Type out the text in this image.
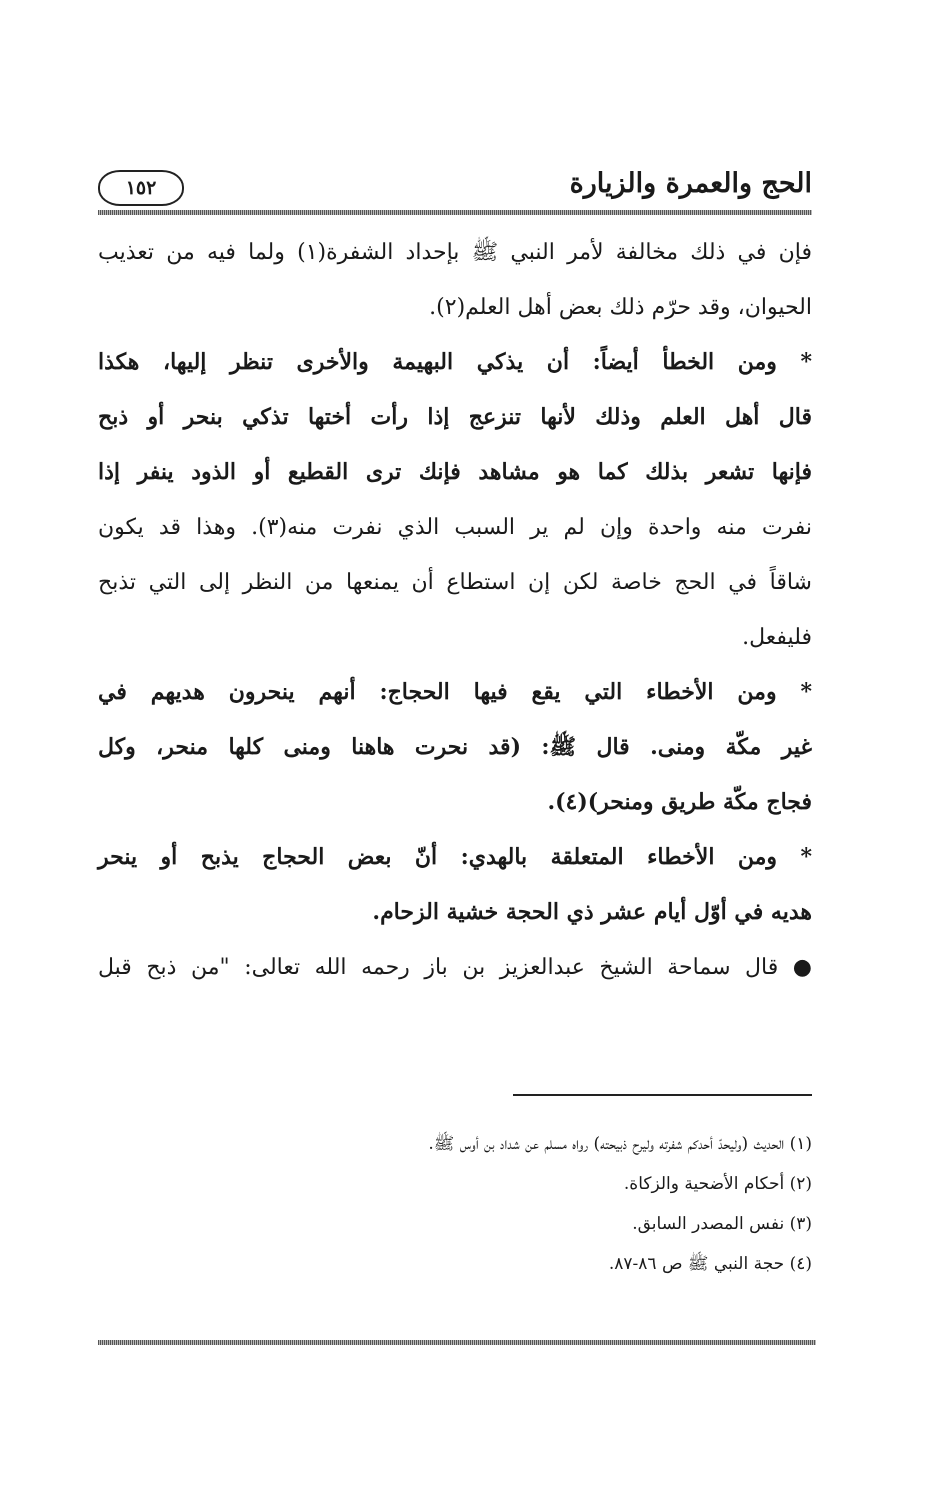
الحج والعمرة والزيارة
١٥٢
فإن في ذلك مخالفة لأمر النبي ﷺ بإحداد الشفرة(١) ولما فيه من تعذيب
الحيوان، وقد حرّم ذلك بعض أهل العلم(٢).
* ومن الخطأ أيضاً: أن يذكي البهيمة والأخرى تنظر إليها، هكذا
قال أهل العلم وذلك لأنها تنزعج إذا رأت أختها تذكي بنحر أو ذبح
فإنها تشعر بذلك كما هو مشاهد فإنك ترى القطيع أو الذود ينفر إذا
نفرت منه واحدة وإن لم ير السبب الذي نفرت منه(٣). وهذا قد يكون
شاقاً في الحج خاصة لكن إن استطاع أن يمنعها من النظر إلى التي تذبح
فليفعل.
* ومن الأخطاء التي يقع فيها الحجاج: أنهم ينحرون هديهم في
غير مكّة ومنى. قال ﷺ: (قد نحرت هاهنا ومنى كلها منحر، وكل
فجاج مكّة طريق ومنحر)(٤).
* ومن الأخطاء المتعلقة بالهدي: أنّ بعض الحجاج يذبح أو ينحر
هديه في أوّل أيام عشر ذي الحجة خشية الزحام.
● قال سماحة الشيخ عبدالعزيز بن باز رحمه الله تعالى: "من ذبح قبل
(١) الحديث (وليحدّ أحدكم شفرته وليرح ذبيحته) رواه مسلم عن شداد بن أوس ﷺ.
(٢) أحكام الأضحية والزكاة.
(٣) نفس المصدر السابق.
(٤) حجة النبي ﷺ ص ٨٦-٨٧.
